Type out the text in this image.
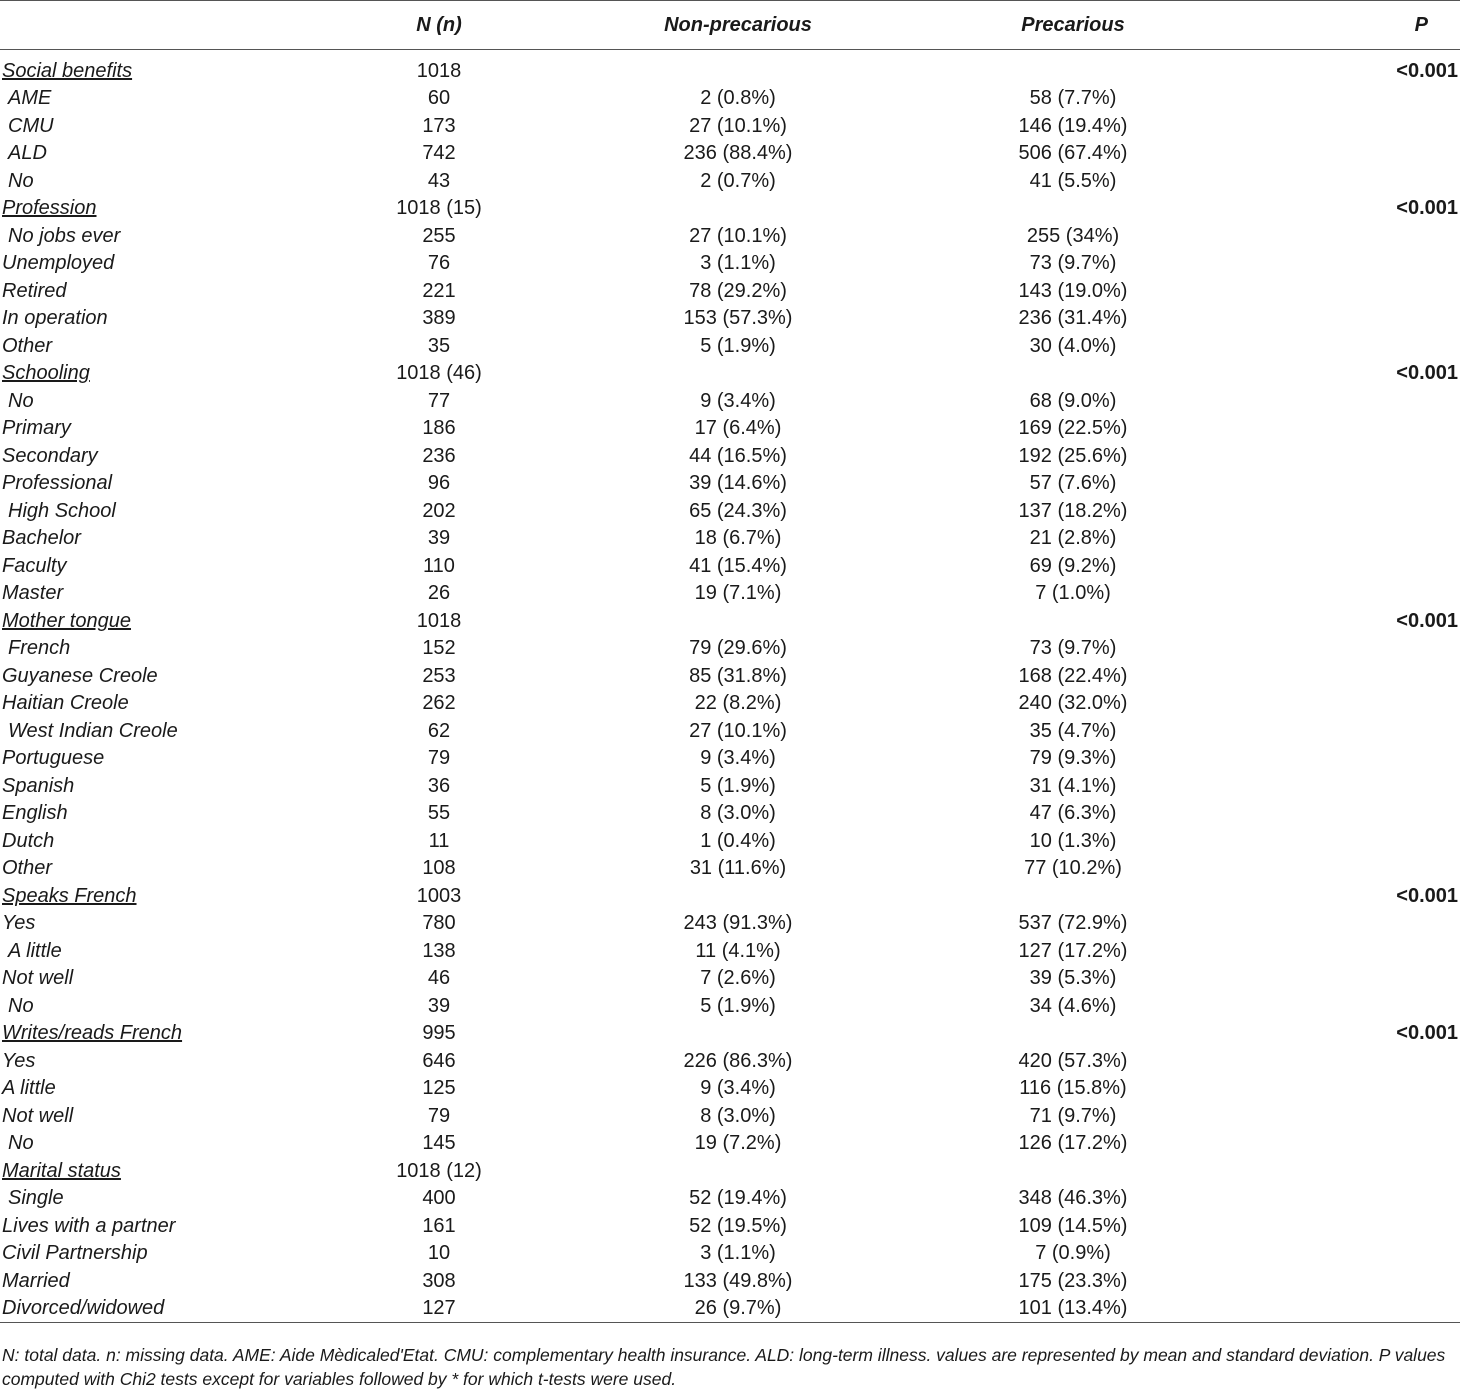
	N (n)	Non-precarious	Precarious	P
Social benefits	1018			<0.001
AME	60	2 (0.8%)	58 (7.7%)	
CMU	173	27 (10.1%)	146 (19.4%)	
ALD	742	236 (88.4%)	506 (67.4%)	
No	43	2 (0.7%)	41 (5.5%)	
Profession	1018 (15)			<0.001
No jobs ever	255	27 (10.1%)	255 (34%)	
Unemployed	76	3 (1.1%)	73 (9.7%)	
Retired	221	78 (29.2%)	143 (19.0%)	
In operation	389	153 (57.3%)	236 (31.4%)	
Other	35	5 (1.9%)	30 (4.0%)	
Schooling	1018 (46)			<0.001
No	77	9 (3.4%)	68 (9.0%)	
Primary	186	17 (6.4%)	169 (22.5%)	
Secondary	236	44 (16.5%)	192 (25.6%)	
Professional	96	39 (14.6%)	57 (7.6%)	
High School	202	65 (24.3%)	137 (18.2%)	
Bachelor	39	18 (6.7%)	21 (2.8%)	
Faculty	110	41 (15.4%)	69 (9.2%)	
Master	26	19 (7.1%)	7 (1.0%)	
Mother tongue	1018			<0.001
French	152	79 (29.6%)	73 (9.7%)	
Guyanese Creole	253	85 (31.8%)	168 (22.4%)	
Haitian Creole	262	22 (8.2%)	240 (32.0%)	
West Indian Creole	62	27 (10.1%)	35 (4.7%)	
Portuguese	79	9 (3.4%)	79 (9.3%)	
Spanish	36	5 (1.9%)	31 (4.1%)	
English	55	8 (3.0%)	47 (6.3%)	
Dutch	11	1 (0.4%)	10 (1.3%)	
Other	108	31 (11.6%)	77 (10.2%)	
Speaks French	1003			<0.001
Yes	780	243 (91.3%)	537 (72.9%)	
A little	138	11 (4.1%)	127 (17.2%)	
Not well	46	7 (2.6%)	39 (5.3%)	
No	39	5 (1.9%)	34 (4.6%)	
Writes/reads French	995			<0.001
Yes	646	226 (86.3%)	420 (57.3%)	
A little	125	9 (3.4%)	116 (15.8%)	
Not well	79	8 (3.0%)	71 (9.7%)	
No	145	19 (7.2%)	126 (17.2%)	
Marital status	1018 (12)			
Single	400	52 (19.4%)	348 (46.3%)	
Lives with a partner	161	52 (19.5%)	109 (14.5%)	
Civil Partnership	10	3 (1.1%)	7 (0.9%)	
Married	308	133 (49.8%)	175 (23.3%)	
Divorced/widowed	127	26 (9.7%)	101 (13.4%)	
N: total data. n: missing data. AME: Aide Mèdicaled'Etat. CMU: complementary health insurance. ALD: long-term illness. values are represented by mean and standard deviation. P values computed with Chi2 tests except for variables followed by * for which t-tests were used.
